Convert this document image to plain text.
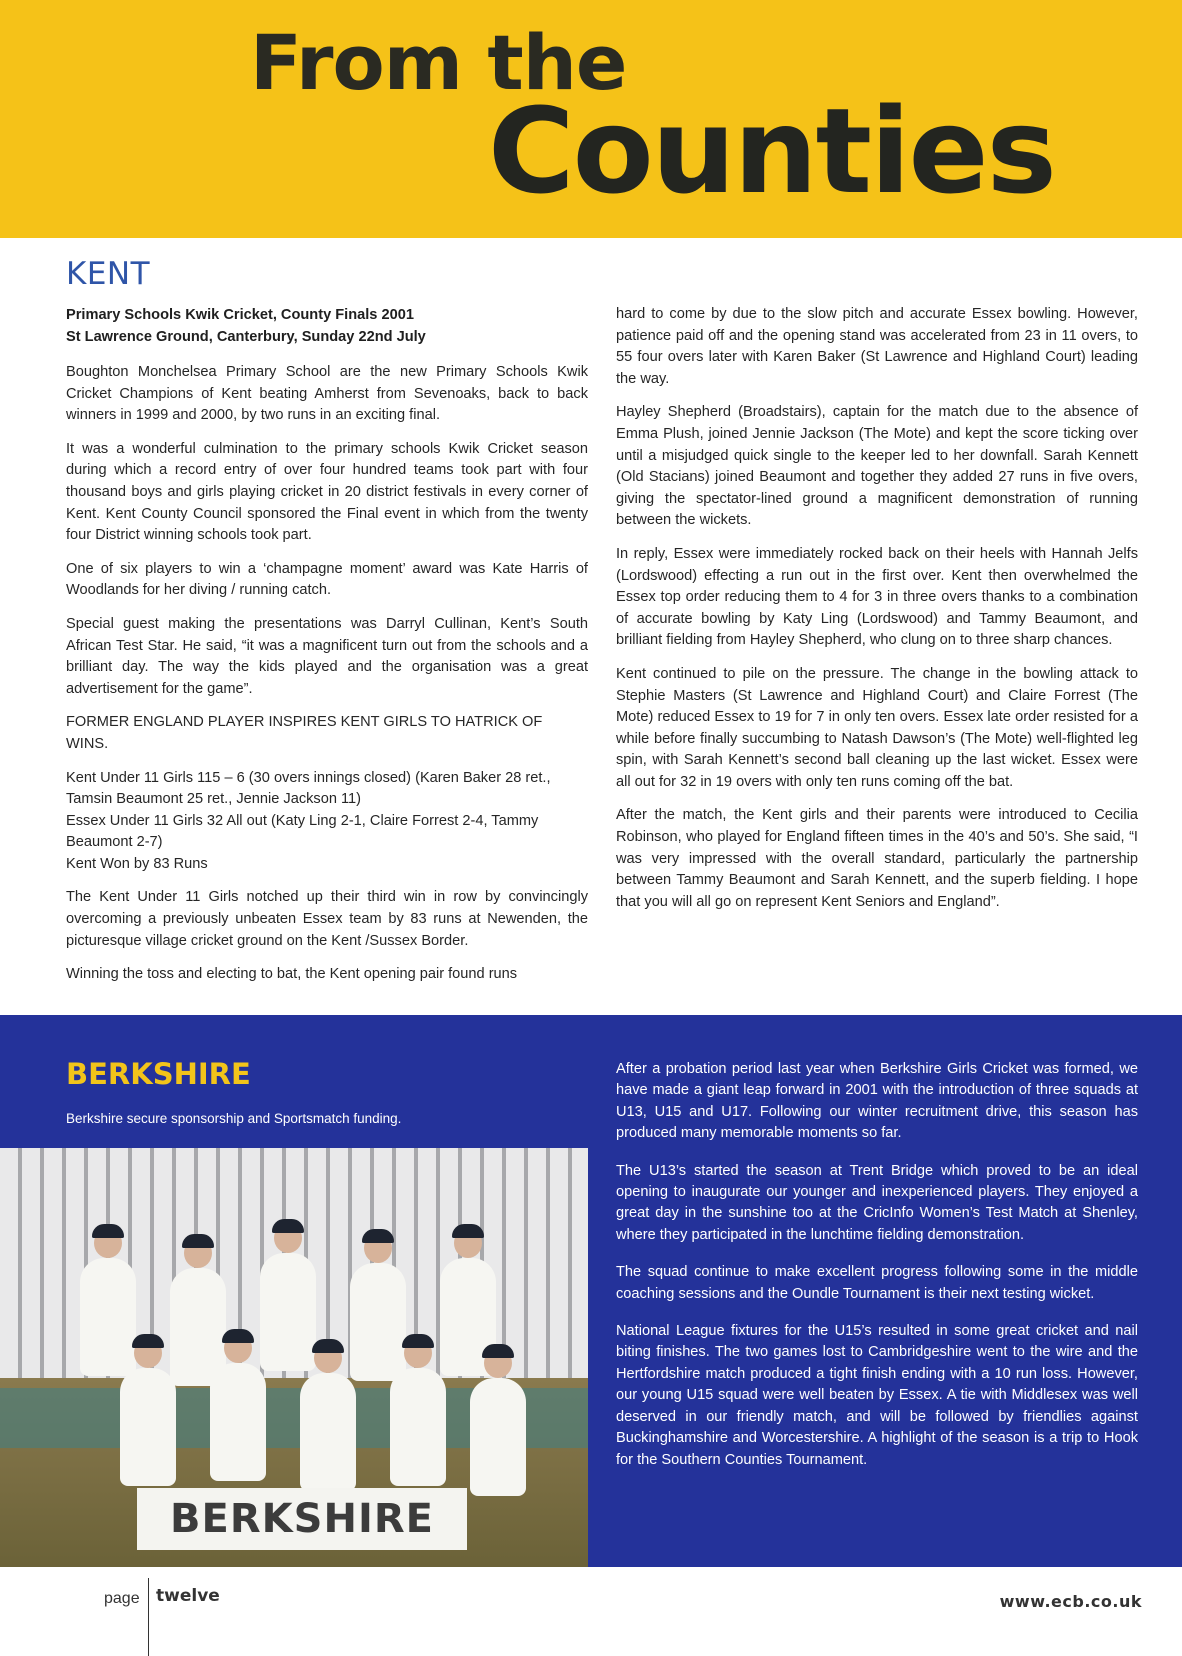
From the
Counties
KENT

Primary Schools Kwik Cricket, County Finals 2001
St Lawrence Ground, Canterbury, Sunday 22nd July

Boughton Monchelsea Primary School are the new Primary Schools Kwik Cricket Champions of Kent beating Amherst from Sevenoaks, back to back winners in 1999 and 2000, by two runs in an exciting final.

It was a wonderful culmination to the primary schools Kwik Cricket season during which a record entry of over four hundred teams took part with four thousand boys and girls playing cricket in 20 district festivals in every corner of Kent. Kent County Council sponsored the Final event in which from the twenty four District winning schools took part.

One of six players to win a ‘champagne moment’ award was Kate Harris of Woodlands for her diving / running catch.

Special guest making the presentations was Darryl Cullinan, Kent’s South African Test Star. He said, “it was a magnificent turn out from the schools and a brilliant day. The way the kids played and the organisation was a great advertisement for the game”.

FORMER ENGLAND PLAYER INSPIRES KENT GIRLS TO HATRICK OF WINS.

Kent Under 11 Girls 115 – 6 (30 overs innings closed) (Karen Baker 28 ret., Tamsin Beaumont 25 ret., Jennie Jackson 11)
Essex Under 11 Girls 32 All out (Katy Ling 2-1, Claire Forrest 2-4, Tammy Beaumont 2-7)
Kent Won by 83 Runs

The Kent Under 11 Girls notched up their third win in row by convincingly overcoming a previously unbeaten Essex team by 83 runs at Newenden, the picturesque village cricket ground on the Kent /Sussex Border.

Winning the toss and electing to bat, the Kent opening pair found runs

hard to come by due to the slow pitch and accurate Essex bowling. However, patience paid off and the opening stand was accelerated from 23 in 11 overs, to 55 four overs later with Karen Baker (St Lawrence and Highland Court) leading the way.

Hayley Shepherd (Broadstairs), captain for the match due to the absence of Emma Plush, joined Jennie Jackson (The Mote) and kept the score ticking over until a misjudged quick single to the keeper led to her downfall. Sarah Kennett (Old Stacians) joined Beaumont and together they added 27 runs in five overs, giving the spectator-lined ground a magnificent demonstration of running between the wickets.

In reply, Essex were immediately rocked back on their heels with Hannah Jelfs (Lordswood) effecting a run out in the first over. Kent then overwhelmed the Essex top order reducing them to 4 for 3 in three overs thanks to a combination of accurate bowling by Katy Ling (Lordswood) and Tammy Beaumont, and brilliant fielding from Hayley Shepherd, who clung on to three sharp chances.

Kent continued to pile on the pressure. The change in the bowling attack to Stephie Masters (St Lawrence and Highland Court) and Claire Forrest (The Mote) reduced Essex to 19 for 7 in only ten overs. Essex late order resisted for a while before finally succumbing to Natash Dawson’s (The Mote) well-flighted leg spin, with Sarah Kennett’s second ball cleaning up the last wicket. Essex were all out for 32 in 19 overs with only ten runs coming off the bat.

After the match, the Kent girls and their parents were introduced to Cecilia Robinson, who played for England fifteen times in the 40’s and 50’s. She said, “I was very impressed with the overall standard, particularly the partnership between Tammy Beaumont and Sarah Kennett, and the superb fielding. I hope that you will all go on represent Kent Seniors and England”.

BERKSHIRE
Berkshire secure sponsorship and Sportsmatch funding.
BERKSHIRE

After a probation period last year when Berkshire Girls Cricket was formed, we have made a giant leap forward in 2001 with the introduction of three squads at U13, U15 and U17. Following our winter recruitment drive, this season has produced many memorable moments so far.

The U13’s started the season at Trent Bridge which proved to be an ideal opening to inaugurate our younger and inexperienced players. They enjoyed a great day in the sunshine too at the CricInfo Women’s Test Match at Shenley, where they participated in the lunchtime fielding demonstration.

The squad continue to make excellent progress following some in the middle coaching sessions and the Oundle Tournament is their next testing wicket.

National League fixtures for the U15’s resulted in some great cricket and nail biting finishes. The two games lost to Cambridgeshire went to the wire and the Hertfordshire match produced a tight finish ending with a 10 run loss. However, our young U15 squad were well beaten by Essex. A tie with Middlesex was well deserved in our friendly match, and will be followed by friendlies against Buckinghamshire and Worcestershire. A highlight of the season is a trip to Hook for the Southern Counties Tournament.

page twelve	www.ecb.co.uk
